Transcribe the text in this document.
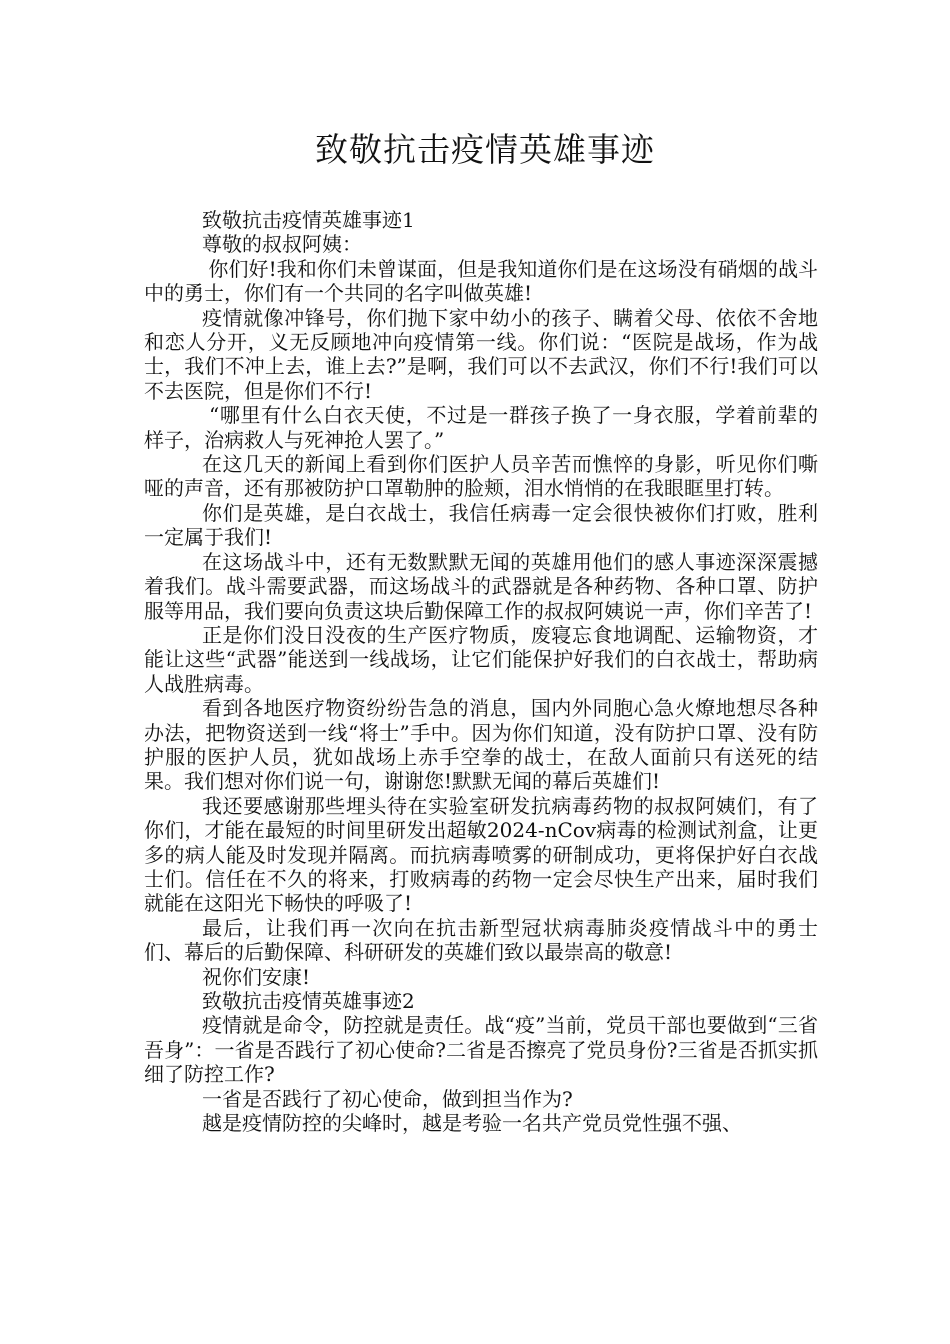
致敬抗击疫情英雄事迹

致敬抗击疫情英雄事迹1

尊敬的叔叔阿姨：

你们好!我和你们未曾谋面，但是我知道你们是在这场没有硝烟的战斗中的勇士，你们有一个共同的名字叫做英雄!

疫情就像冲锋号，你们抛下家中幼小的孩子、瞒着父母、依依不舍地和恋人分开，义无反顾地冲向疫情第一线。你们说：“医院是战场，作为战士，我们不冲上去，谁上去?”是啊，我们可以不去武汉，你们不行!我们可以不去医院，但是你们不行!

“哪里有什么白衣天使，不过是一群孩子换了一身衣服，学着前辈的样子，治病救人与死神抢人罢了。”

在这几天的新闻上看到你们医护人员辛苦而憔悴的身影，听见你们嘶哑的声音，还有那被防护口罩勒肿的脸颊，泪水悄悄的在我眼眶里打转。

你们是英雄，是白衣战士，我信任病毒一定会很快被你们打败，胜利一定属于我们!

在这场战斗中，还有无数默默无闻的英雄用他们的感人事迹深深震撼着我们。战斗需要武器，而这场战斗的武器就是各种药物、各种口罩、防护服等用品，我们要向负责这块后勤保障工作的叔叔阿姨说一声，你们辛苦了!

正是你们没日没夜的生产医疗物质，废寝忘食地调配、运输物资，才能让这些“武器”能送到一线战场，让它们能保护好我们的白衣战士，帮助病人战胜病毒。

看到各地医疗物资纷纷告急的消息，国内外同胞心急火燎地想尽各种办法，把物资送到一线“将士”手中。因为你们知道，没有防护口罩、没有防护服的医护人员，犹如战场上赤手空拳的战士，在敌人面前只有送死的结果。我们想对你们说一句，谢谢您!默默无闻的幕后英雄们!

我还要感谢那些埋头待在实验室研发抗病毒药物的叔叔阿姨们，有了你们，才能在最短的时间里研发出超敏2024-nCov病毒的检测试剂盒，让更多的病人能及时发现并隔离。而抗病毒喷雾的研制成功，更将保护好白衣战士们。信任在不久的将来，打败病毒的药物一定会尽快生产出来，届时我们就能在这阳光下畅快的呼吸了!

最后，让我们再一次向在抗击新型冠状病毒肺炎疫情战斗中的勇士们、幕后的后勤保障、科研研发的英雄们致以最崇高的敬意!

祝你们安康!

致敬抗击疫情英雄事迹2

疫情就是命令，防控就是责任。战“疫”当前，党员干部也要做到“三省吾身”：一省是否践行了初心使命?二省是否擦亮了党员身份?三省是否抓实抓细了防控工作?

一省是否践行了初心使命，做到担当作为?

越是疫情防控的尖峰时，越是考验一名共产党员党性强不强、
